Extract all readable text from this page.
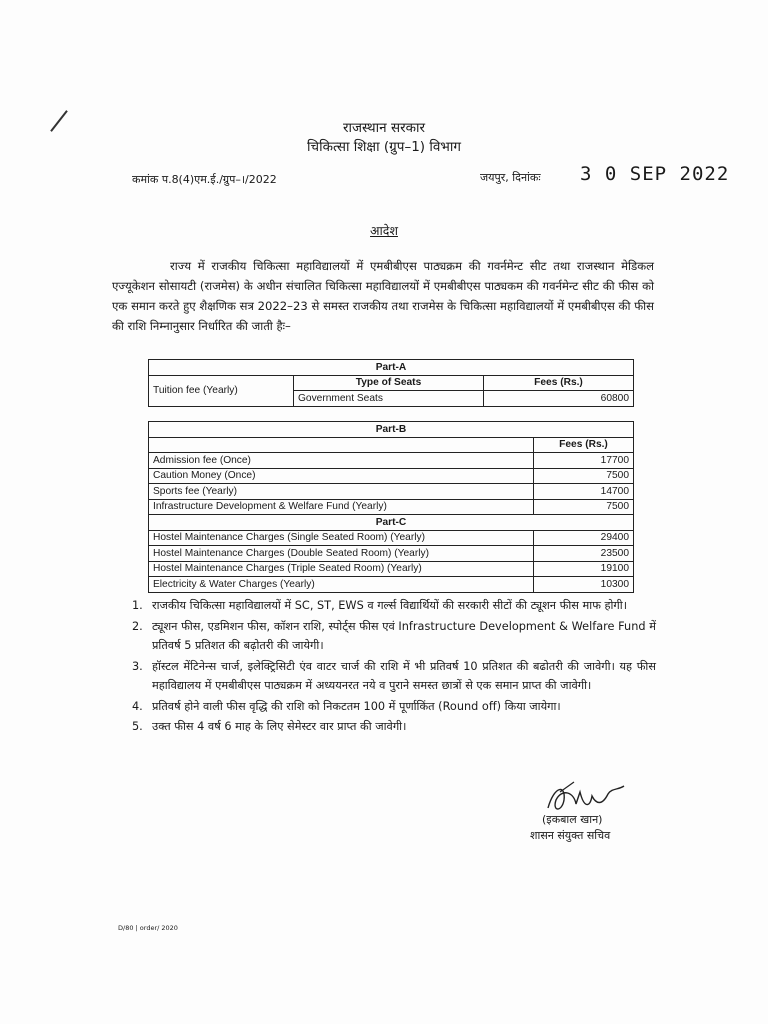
राजस्थान सरकार
चिकित्सा शिक्षा (ग्रुप–1) विभाग
कमांक प.8(4)एम.ई./ग्रुप–।/2022	जयपुर, दिनांकः 3 0 SEP 2022
आदेश
राज्य में राजकीय चिकित्सा महाविद्यालयों में एमबीबीएस पाठ्यक्रम की गवर्नमेन्ट सीट तथा राजस्थान मेडिकल एज्यूकेशन सोसायटी (राजमेस) के अधीन संचालित चिकित्सा महाविद्यालयों में एमबीबीएस पाठ्यकम की गवर्नमेन्ट सीट की फीस को एक समान करते हुए शैक्षणिक सत्र 2022–23 से समस्त राजकीय तथा राजमेस के चिकित्सा महाविद्यालयों में एमबीबीएस की फीस की राशि निम्नानुसार निर्धारित की जाती हैः–
Part-A		
Tuition fee (Yearly)	Type of Seats	Fees (Rs.)
	Government Seats	60800
Part-B	
	Fees (Rs.)
Admission fee (Once)	17700
Caution Money (Once)	7500
Sports fee (Yearly)	14700
Infrastructure Development & Welfare Fund (Yearly)	7500
Part-C	
Hostel Maintenance Charges (Single Seated Room) (Yearly)	29400
Hostel Maintenance Charges (Double Seated Room) (Yearly)	23500
Hostel Maintenance Charges (Triple Seated Room) (Yearly)	19100
Electricity & Water Charges (Yearly)	10300
1. राजकीय चिकित्सा महाविद्यालयों में SC, ST, EWS व गर्ल्स विद्यार्थियों की सरकारी सीटों की ट्यूशन फीस माफ होगी।
2. ट्यूशन फीस, एडमिशन फीस, कॉशन राशि, स्पोर्ट्स फीस एवं Infrastructure Development & Welfare Fund में प्रतिवर्ष 5 प्रतिशत की बढ़ोतरी की जायेगी।
3. हॉस्टल मेंटिनेन्स चार्ज, इलेक्ट्रिसिटी एंव वाटर चार्ज की राशि में भी प्रतिवर्ष 10 प्रतिशत की बढोतरी की जावेगी। यह फीस महाविद्यालय में एमबीबीएस पाठ्यक्रम में अध्ययनरत नये व पुराने समस्त छात्रों से एक समान प्राप्त की जावेगी।
4. प्रतिवर्ष होने वाली फीस वृद्धि की राशि को निकटतम 100 में पूर्णाकिंत (Round off) किया जायेगा।
5. उक्त फीस 4 वर्ष 6 माह के लिए सेमेस्टर वार प्राप्त की जावेगी।
(इकबाल खान)
शासन संयुक्त सचिव
D/80 | order/ 2020
